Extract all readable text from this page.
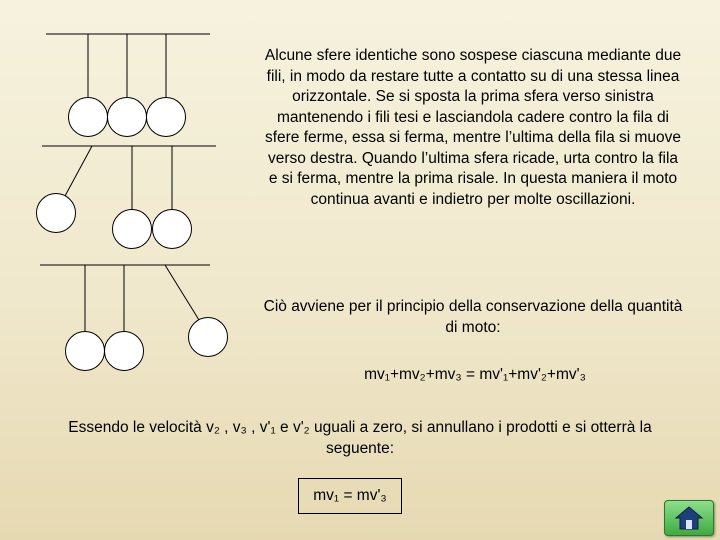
Alcune sfere identiche sono sospese ciascuna mediante due fili, in modo da restare tutte a contatto su di una stessa linea orizzontale. Se si sposta la prima sfera verso sinistra mantenendo i fili tesi e lasciandola cadere contro la fila di sfere ferme, essa si ferma, mentre l’ultima della fila si muove verso destra. Quando l’ultima sfera ricade, urta contro la fila e si ferma, mentre la prima risale. In questa maniera il moto continua avanti e indietro per molte oscillazioni.
Ciò avviene per il principio della conservazione della quantità di moto:
mv₁+mv₂+mv₃ = mv'₁+mv'₂+mv'₃
Essendo le velocità v₂ , v₃ , v'₁ e v'₂ uguali a zero, si annullano i prodotti e si otterrà la seguente:
mv₁ = mv'₃
